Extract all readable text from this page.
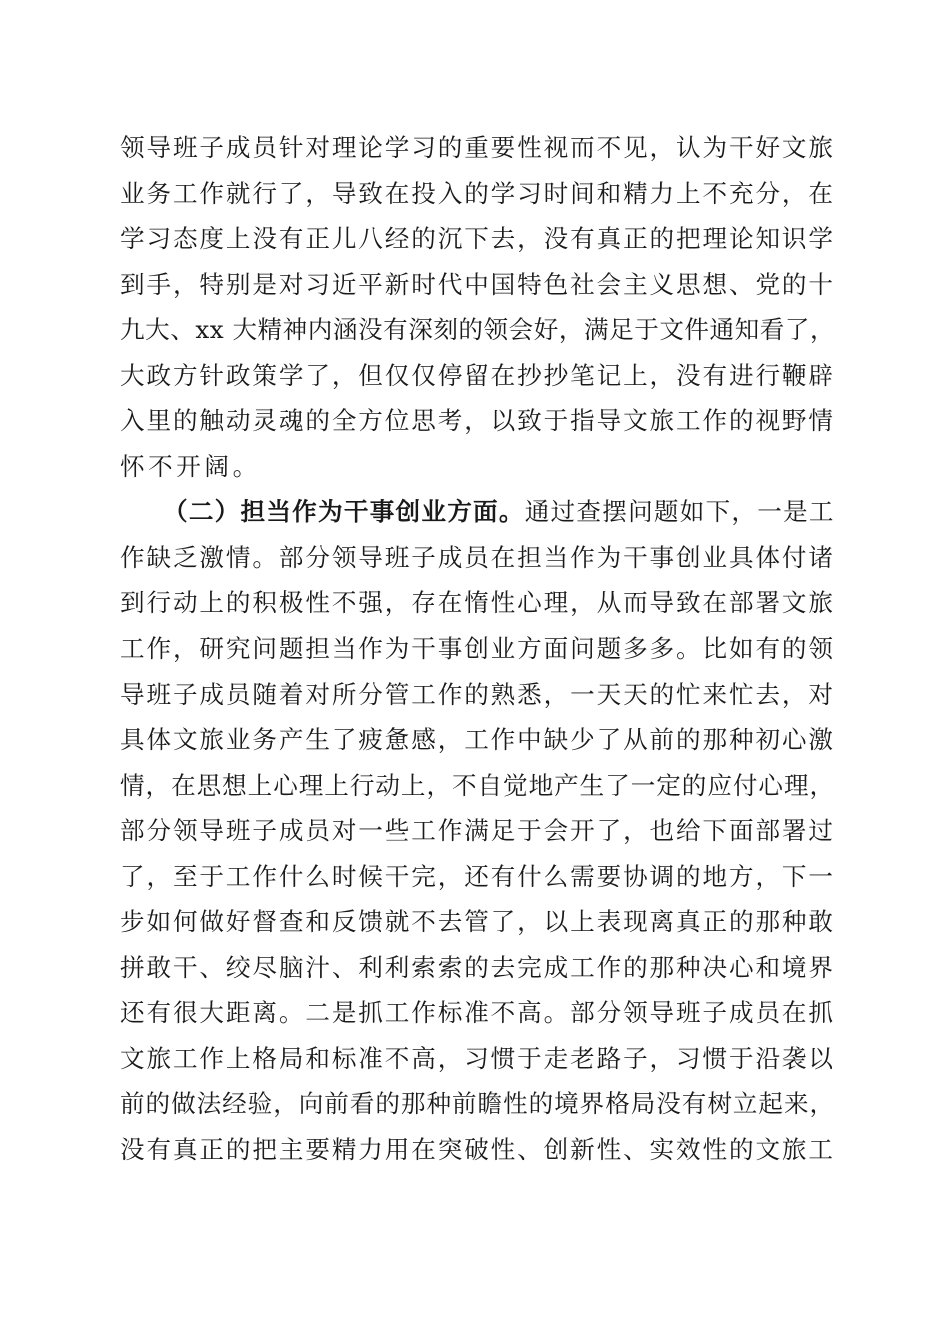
领导班子成员针对理论学习的重要性视而不见，认为干好文旅
业务工作就行了，导致在投入的学习时间和精力上不充分，在
学习态度上没有正儿八经的沉下去，没有真正的把理论知识学
到手，特别是对习近平新时代中国特色社会主义思想、党的十
九大、xx 大精神内涵没有深刻的领会好，满足于文件通知看了，
大政方针政策学了，但仅仅停留在抄抄笔记上，没有进行鞭辟
入里的触动灵魂的全方位思考，以致于指导文旅工作的视野情
怀不开阔。
（二）担当作为干事创业方面。通过查摆问题如下，一是工
作缺乏激情。部分领导班子成员在担当作为干事创业具体付诸
到行动上的积极性不强，存在惰性心理，从而导致在部署文旅
工作，研究问题担当作为干事创业方面问题多多。比如有的领
导班子成员随着对所分管工作的熟悉，一天天的忙来忙去，对
具体文旅业务产生了疲惫感，工作中缺少了从前的那种初心激
情，在思想上心理上行动上，不自觉地产生了一定的应付心理，
部分领导班子成员对一些工作满足于会开了，也给下面部署过
了，至于工作什么时候干完，还有什么需要协调的地方，下一
步如何做好督查和反馈就不去管了，以上表现离真正的那种敢
拼敢干、绞尽脑汁、利利索索的去完成工作的那种决心和境界
还有很大距离。二是抓工作标准不高。部分领导班子成员在抓
文旅工作上格局和标准不高，习惯于走老路子，习惯于沿袭以
前的做法经验，向前看的那种前瞻性的境界格局没有树立起来，
没有真正的把主要精力用在突破性、创新性、实效性的文旅工
